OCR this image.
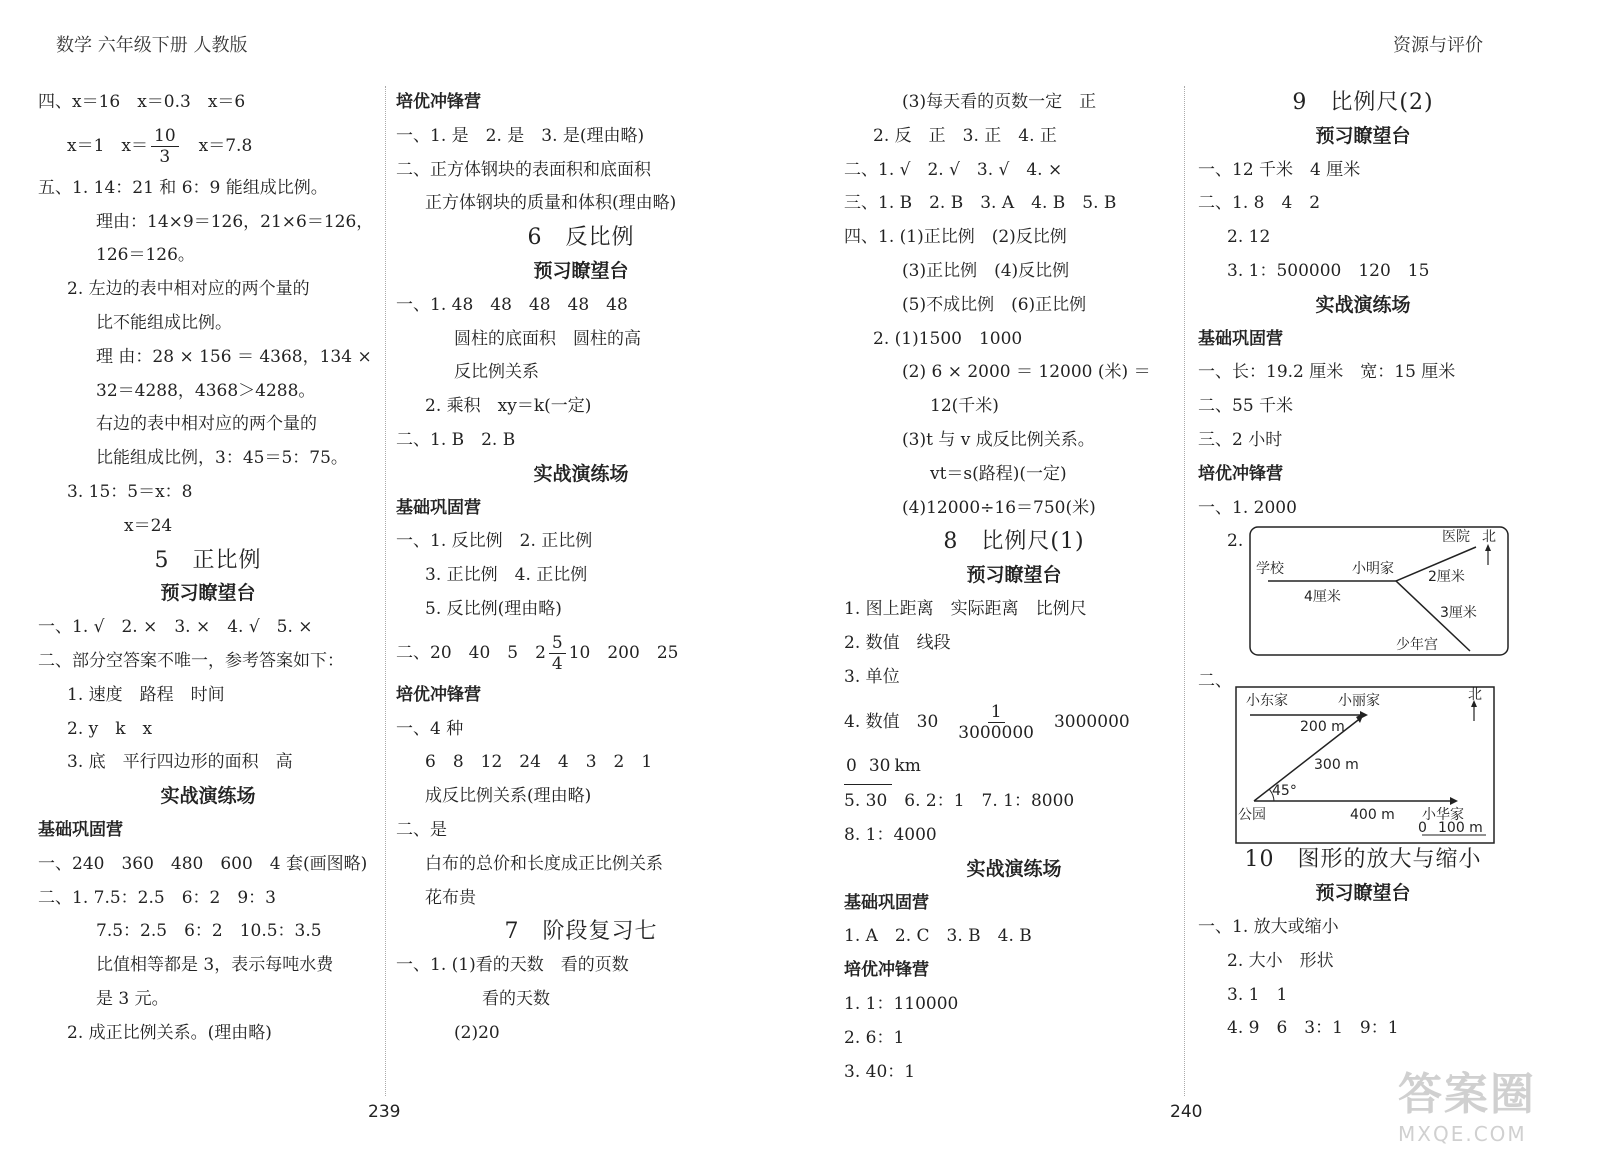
数学 六年级下册 人教版

四、x＝16　x＝0.3　x＝6

x＝1　$x= \frac{10}{3}$ 　x＝7.8

五、1. 14：21 和 6：9 能组成比例。

理由：14×9＝126，21×6＝126，

126＝126。

2. 左边的表中相对应的两个量的

比不能组成比例。

理 由：28 × 156 ＝ 4368，134 ×

32＝4288，4368＞4288。

右边的表中相对应的两个量的

比能组成比例，3：45＝5：75。

3. 15：5＝x：8

x＝24

5　正比例

预习瞭望台

一、1. √　2. ×　3. ×　4. √　5. ×

二、部分空答案不唯一，参考答案如下：

1. 速度　路程　时间

2. y　k　x

3. 底　平行四边形的面积　高

实战演练场

基础巩固营

一、240　360　480　600　4 套(画图略)

二、1. 7.5：2.5　6：2　9：3

7.5：2.5　6：2　10.5：3.5

比值相等都是 3，表示每吨水费

是 3 元。

2. 成正比例关系。(理由略)

培优冲锋营

一、1. 是　2. 是　3. 是(理由略)

二、正方体钢块的表面积和底面积

正方体钢块的质量和体积(理由略)

6　反比例

预习瞭望台

一、1. 48　48　48　48　48

圆柱的底面积　圆柱的高

反比例关系

2. 乘积　xy＝k(一定)

二、1. B　2. B

实战演练场

基础巩固营

一、1. 反比例　2. 正比例

3. 正比例　4. 正比例

5. 反比例(理由略)

二、20　40　5　$2 \frac{5}{4} 10$　200　25

培优冲锋营

一、4 种

6　8　12　24　4　3　2　1

成反比例关系(理由略)

二、是

白布的总价和长度成正比例关系

花布贵

7　阶段复习七

一、1. (1)看的天数　看的页数

看的天数

(2)20

239
资源与评价

(3)每天看的页数一定　正

2. 反　正　3. 正　4. 正

二、1. √　2. √　3. √　4. ×

三、1. B　2. B　3. A　4. B　5. B

四、1. (1)正比例　(2)反比例

(3)正比例　(4)反比例

(5)不成比例　(6)正比例

2. (1)1500　1000

(2) 6 × 2000 ＝ 12000 (米) ＝

12(千米)

(3)t 与 v 成反比例关系。

vt＝s(路程)(一定)

(4)12000÷16＝750(米)

8　比例尺(1)

预习瞭望台

1. 图上距离　实际距离　比例尺

2. 数值　线段

3. 单位

4. 数值　30　 $\frac{1}{3000000}$
　 3000000

0 30 km

5. 30　6. 2：1　7. 1：8000

8. 1：4000

实战演练场

基础巩固营

1. A　2. C　3. B　4. B

培优冲锋营

1. 1：110000

2. 6：1

3. 40：1

9　比例尺(2)

预习瞭望台

一、12 千米　4 厘米

二、1. 8　4　2

2. 12

3. 1：500000　120　15

实战演练场

基础巩固营

一、长：19.2 厘米　宽：15 厘米

二、55 千米

三、2 小时

培优冲锋营

一、1. 2000

2.
学校	小明家
医院 北
4厘米
2厘米
3厘米
少年宫

二、
小东家	小丽家	北
200 m
300 m
45°
公园	400 m 小华家
0 100 m

10　图形的放大与缩小

预习瞭望台

一、1. 放大或缩小

2. 大小　形状

3. 1　1

4. 9　6　3：1　9：1

240	答案圈
MXQE.COM
